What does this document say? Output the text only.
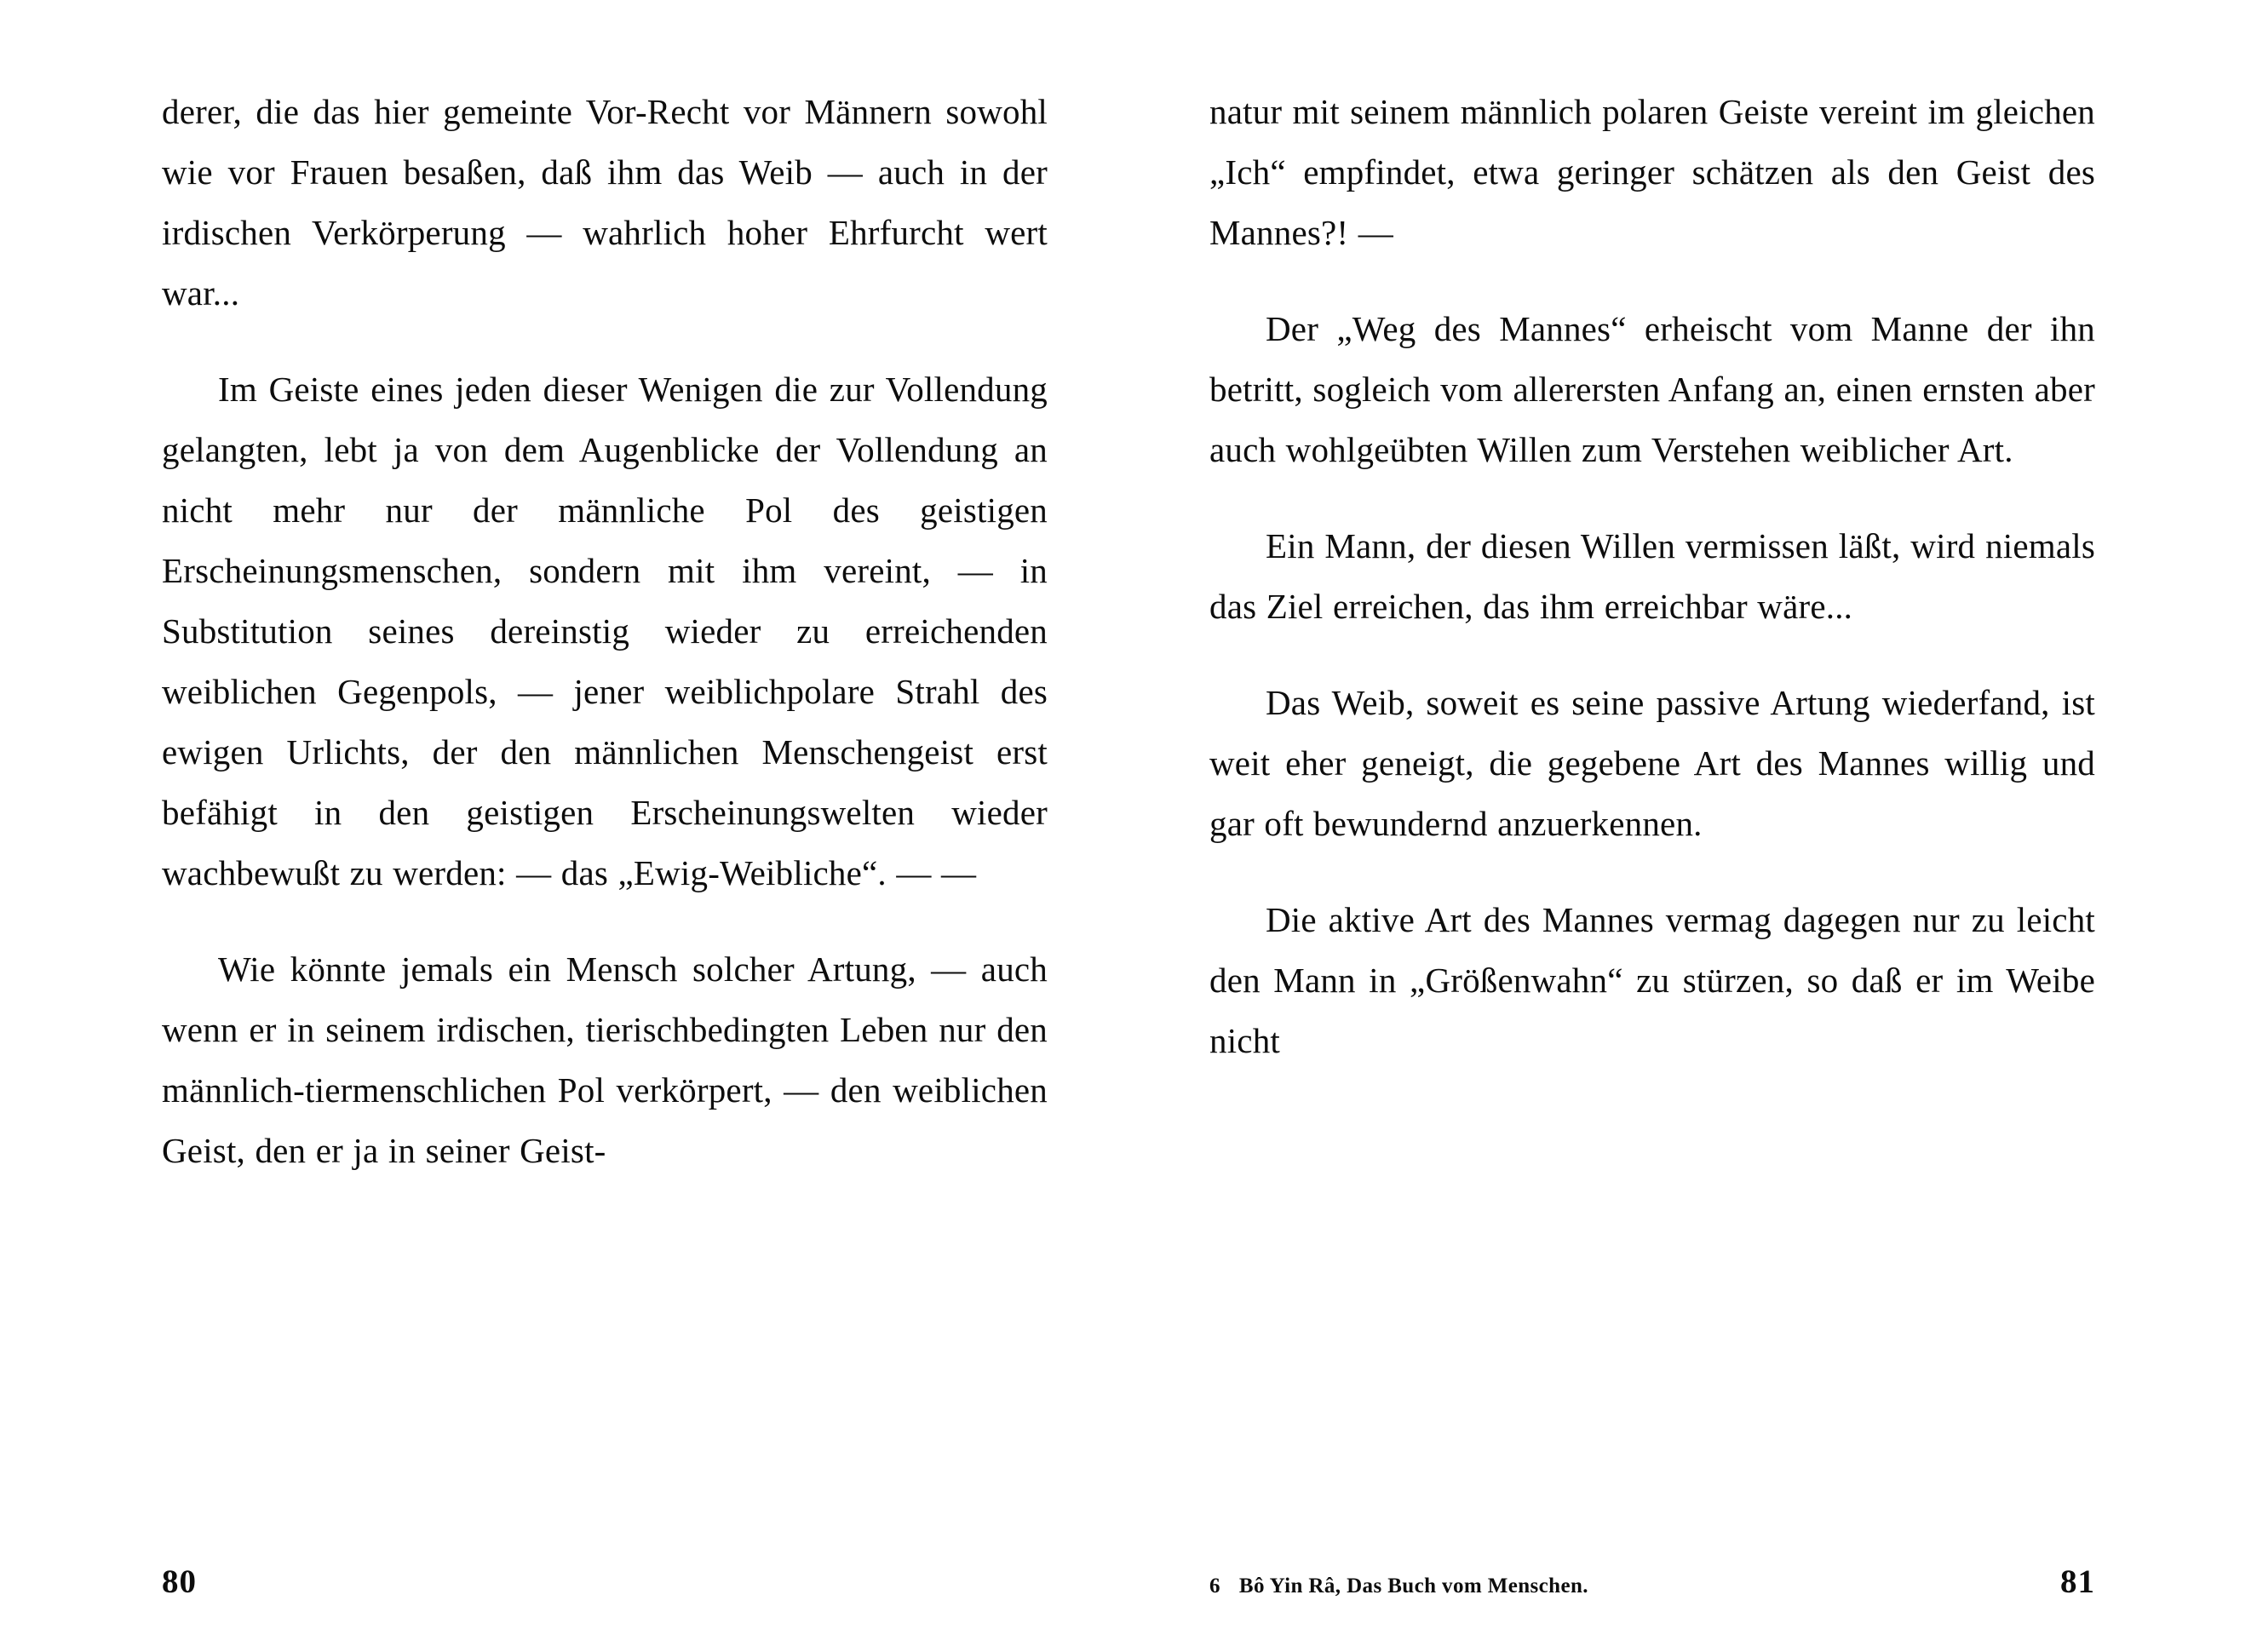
derer, die das hier gemeinte Vor-Recht vor Männern sowohl wie vor Frauen besaßen, daß ihm das Weib — auch in der irdischen Verkörperung — wahrlich hoher Ehrfurcht wert war...

Im Geiste eines jeden dieser Wenigen die zur Vollendung gelangten, lebt ja von dem Augenblicke der Vollendung an nicht mehr nur der männliche Pol des geistigen Erscheinungsmenschen, sondern mit ihm vereint, — in Substitution seines dereinstig wieder zu erreichenden weiblichen Gegenpols, — jener weiblichpolare Strahl des ewigen Urlichts, der den männlichen Menschengeist erst befähigt in den geistigen Erscheinungswelten wieder wachbewußt zu werden: — das „Ewig-Weibliche“. — —

Wie könnte jemals ein Mensch solcher Artung, — auch wenn er in seinem irdischen, tierischbedingten Leben nur den männlich-tiermenschlichen Pol verkörpert, — den weiblichen Geist, den er ja in seiner Geist-

80

natur mit seinem männlich polaren Geiste vereint im gleichen „Ich“ empfindet, etwa geringer schätzen als den Geist des Mannes?! —

Der „Weg des Mannes“ erheischt vom Manne der ihn betritt, sogleich vom allerersten Anfang an, einen ernsten aber auch wohlgeübten Willen zum Verstehen weiblicher Art.

Ein Mann, der diesen Willen vermissen läßt, wird niemals das Ziel erreichen, das ihm erreichbar wäre...

Das Weib, soweit es seine passive Artung wiederfand, ist weit eher geneigt, die gegebene Art des Mannes willig und gar oft bewundernd anzuerkennen.

Die aktive Art des Mannes vermag dagegen nur zu leicht den Mann in „Größenwahn“ zu stürzen, so daß er im Weibe nicht

6 Bô Yin Râ, Das Buch vom Menschen.	81
